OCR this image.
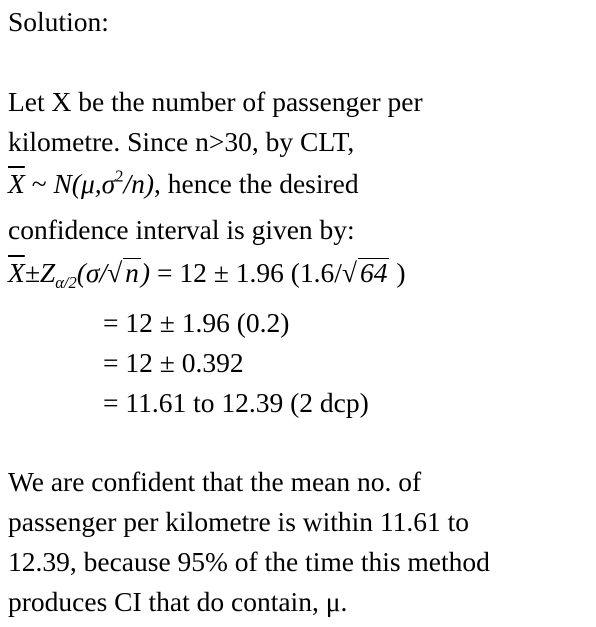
Solution:
Let X be the number of passenger per
kilometre. Since n>30, by CLT,
$\overline{X}$ ~ $N(\mu,\sigma^2/n)$, hence the desired
confidence interval is given by:
$\overline{X}\pm Z_{\alpha/2}(\sigma/√$ n) = 12 ± 1.96 (1.6/√ 64 )
= 12 ± 1.96 (0.2)
= 12 ± 0.392
= 11.61 to 12.39 (2 dcp)
We are confident that the mean no. of
passenger per kilometre is within 11.61 to
12.39, because 95% of the time this method
produces CI that do contain, μ.
